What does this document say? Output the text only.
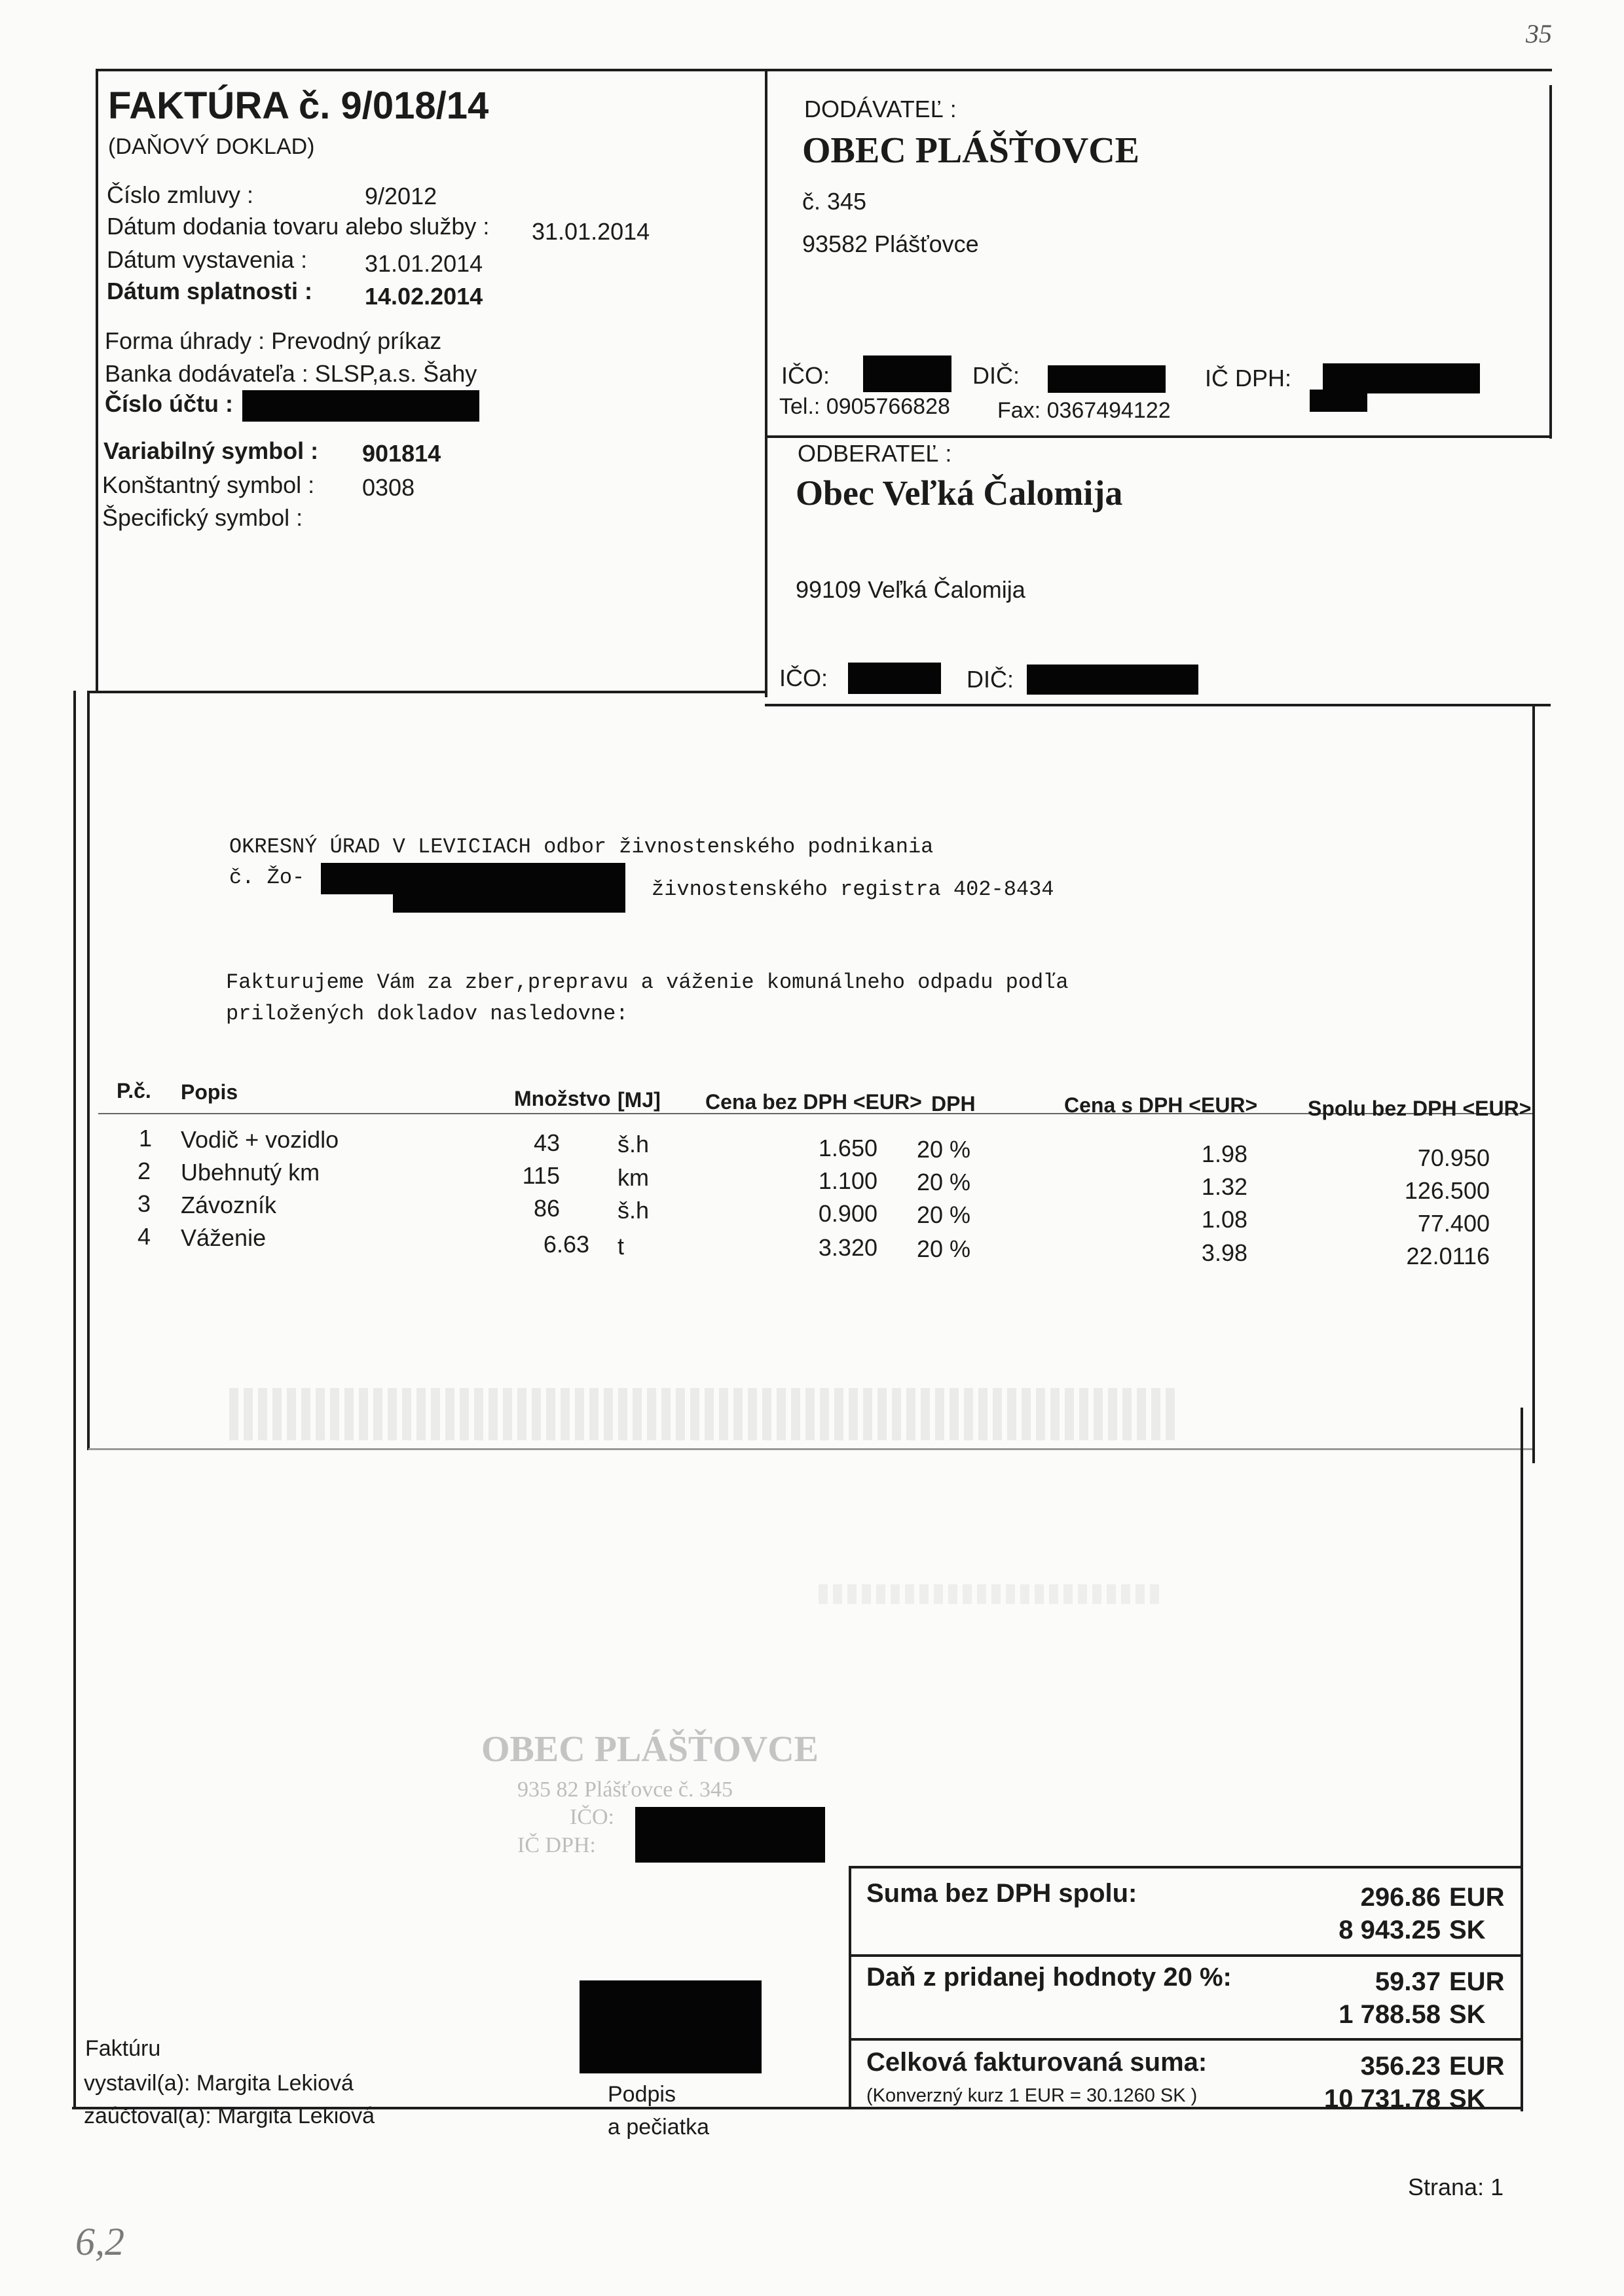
35
FAKTÚRA č. 9/018/14
(DAŇOVÝ DOKLAD)
Číslo zmluvy :	9/2012
Dátum dodania tovaru alebo služby : 31.01.2014
Dátum vystavenia : 31.01.2014
Dátum splatnosti : 14.02.2014
Forma úhrady : Prevodný príkaz
Banka dodávateľa : SLSP,a.s. Šahy
Číslo účtu :
Variabilný symbol : 901814
Konštantný symbol : 0308
Špecifický symbol :
DODÁVATEĽ :
OBEC PLÁŠŤOVCE
č. 345
93582 Plášťovce
IČO:	DIČ:	IČ DPH:
Tel.: 0905766828 Fax: 0367494122
ODBERATEĽ :
Obec Veľká Čalomija
99109 Veľká Čalomija
IČO:	DIČ:
OKRESNÝ ÚRAD V LEVICIACH odbor živnostenského podnikania
č. Žo-	živnostenského registra 402-8434
Fakturujeme Vám za zber,prepravu a váženie komunálneho odpadu podľa
priložených dokladov nasledovne:
P.č. Popis	Množstvo [MJ] Cena bez DPH <EUR> DPH	Cena s DPH <EUR> Spolu bez DPH <EUR>
1 Vodič + vozidlo	43 š.h	1.650 20 %	1.98	70.950
2 Ubehnutý km	115 km	1.100 20 %	1.32	126.500
3 Závozník	86 š.h	0.900 20 %	1.08	77.400
4 Váženie	6.63 t	3.320 20 %	3.98	22.0116
OBEC PLÁŠŤOVCE
935 82 Plášťovce č. 345
IČO:
IČ DPH:
Suma bez DPH spolu:	296.86 EUR
8 943.25 SK
Daň z pridanej hodnoty 20 %:	59.37 EUR
1 788.58 SK
Celková fakturovaná suma:
(Konverzný kurz 1 EUR = 30.1260 SK )
356.23 EUR
10 731.78 SK
Faktúru
vystavil(a): Margita Lekiová
zaúčtoval(a): Margita Lekiová
Podpis
a pečiatka
Strana: 1
6,2
